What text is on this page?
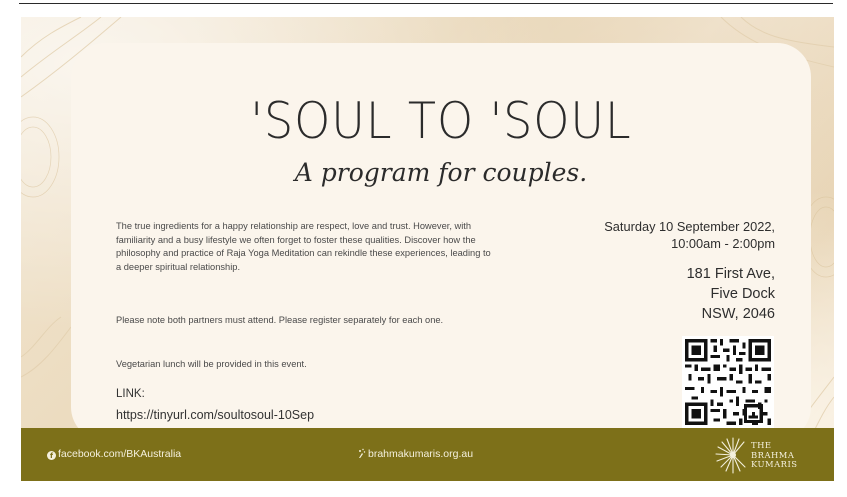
'SOUL TO 'SOUL

A program for couples.

The true ingredients for a happy relationship are respect, love and trust. However, with familiarity and a busy lifestyle we often forget to foster these qualities. Discover how the philosophy and practice of Raja Yoga Meditation can rekindle these experiences, leading to a deeper spiritual relationship.

Please note both partners must attend. Please register separately for each one.

Vegetarian lunch will be provided in this event.

LINK:

https://tinyurl.com/soultosoul-10Sep

Saturday 10 September 2022,

10:00am - 2:00pm

181 First Ave,

Five Dock

NSW, 2046

f facebook.com/BKAustralia	brahmakumaris.org.au

THE
BRAHMA
KUMARIS
